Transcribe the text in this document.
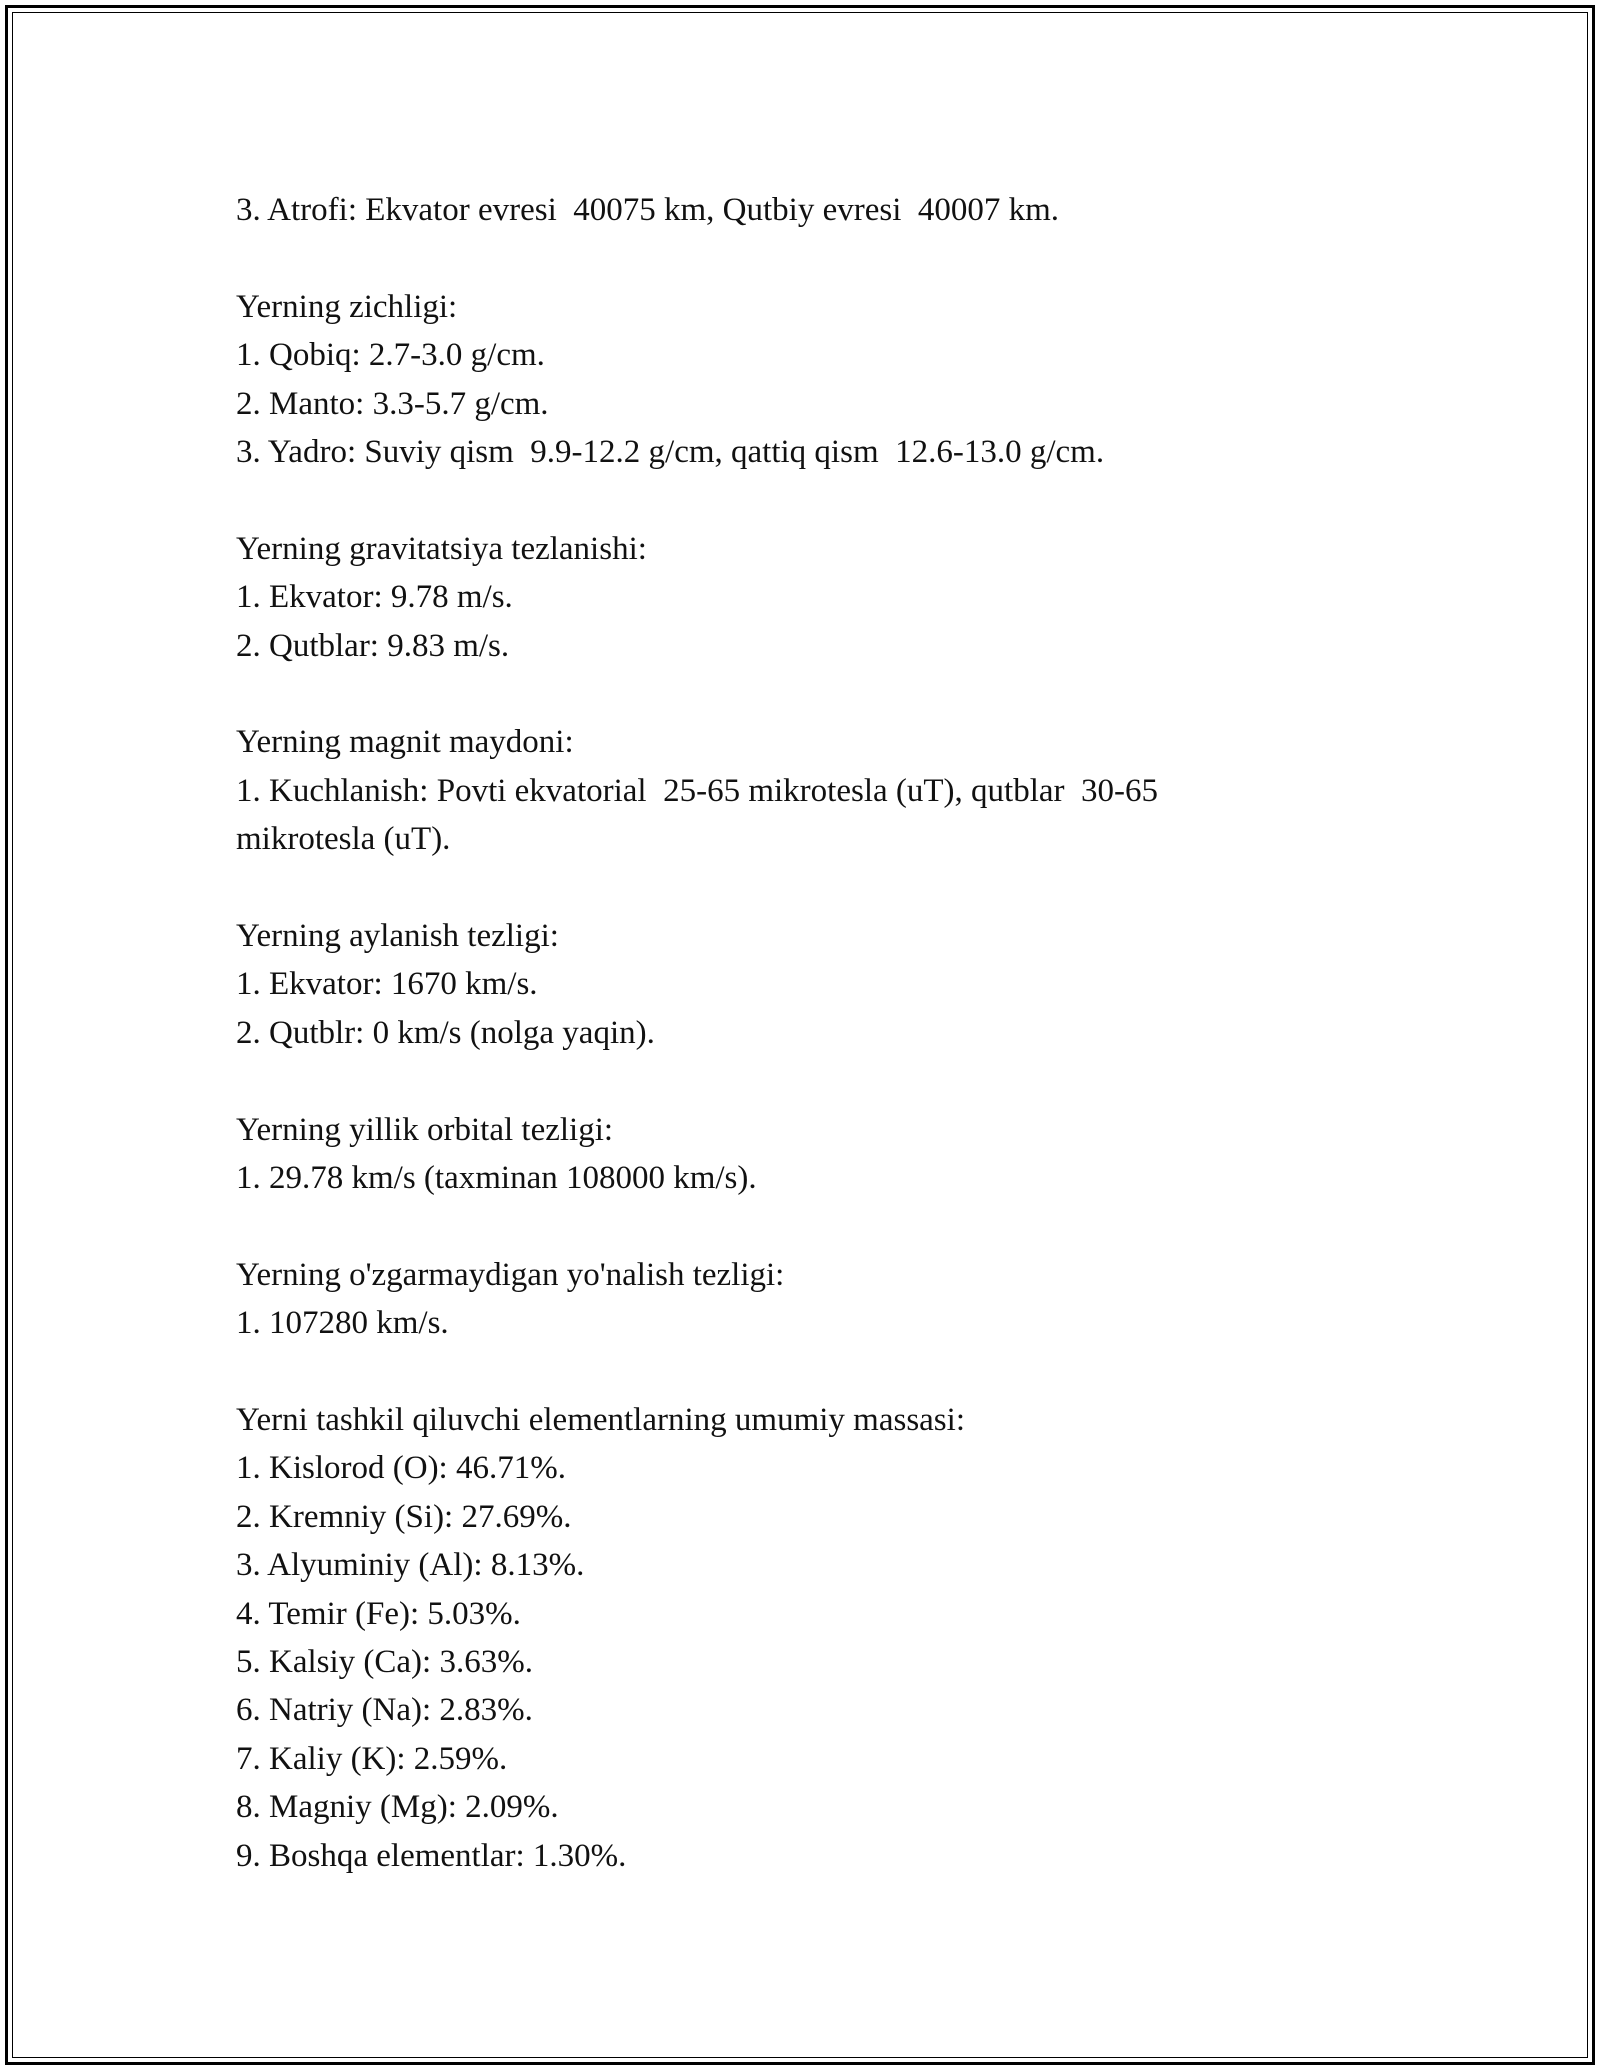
3. Atrofi: Ekvator evresi  40075 km, Qutbiy evresi  40007 km.

Yerning zichligi:

1. Qobiq: 2.7-3.0 g/cm.

2. Manto: 3.3-5.7 g/cm.

3. Yadro: Suviy qism  9.9-12.2 g/cm, qattiq qism  12.6-13.0 g/cm.

Yerning gravitatsiya tezlanishi:

1. Ekvator: 9.78 m/s.

2. Qutblar: 9.83 m/s.

Yerning magnit maydoni:

1. Kuchlanish: Povti ekvatorial  25-65 mikrotesla (uT), qutblar  30-65

mikrotesla (uT).

Yerning aylanish tezligi:

1. Ekvator: 1670 km/s.

2. Qutblr: 0 km/s (nolga yaqin).

Yerning yillik orbital tezligi:

1. 29.78 km/s (taxminan 108000 km/s).

Yerning o'zgarmaydigan yo'nalish tezligi:

1. 107280 km/s.

Yerni tashkil qiluvchi elementlarning umumiy massasi:

1. Kislorod (O): 46.71%.

2. Kremniy (Si): 27.69%.

3. Alyuminiy (Al): 8.13%.

4. Temir (Fe): 5.03%.

5. Kalsiy (Ca): 3.63%.

6. Natriy (Na): 2.83%.

7. Kaliy (K): 2.59%.

8. Magniy (Mg): 2.09%.

9. Boshqa elementlar: 1.30%.
